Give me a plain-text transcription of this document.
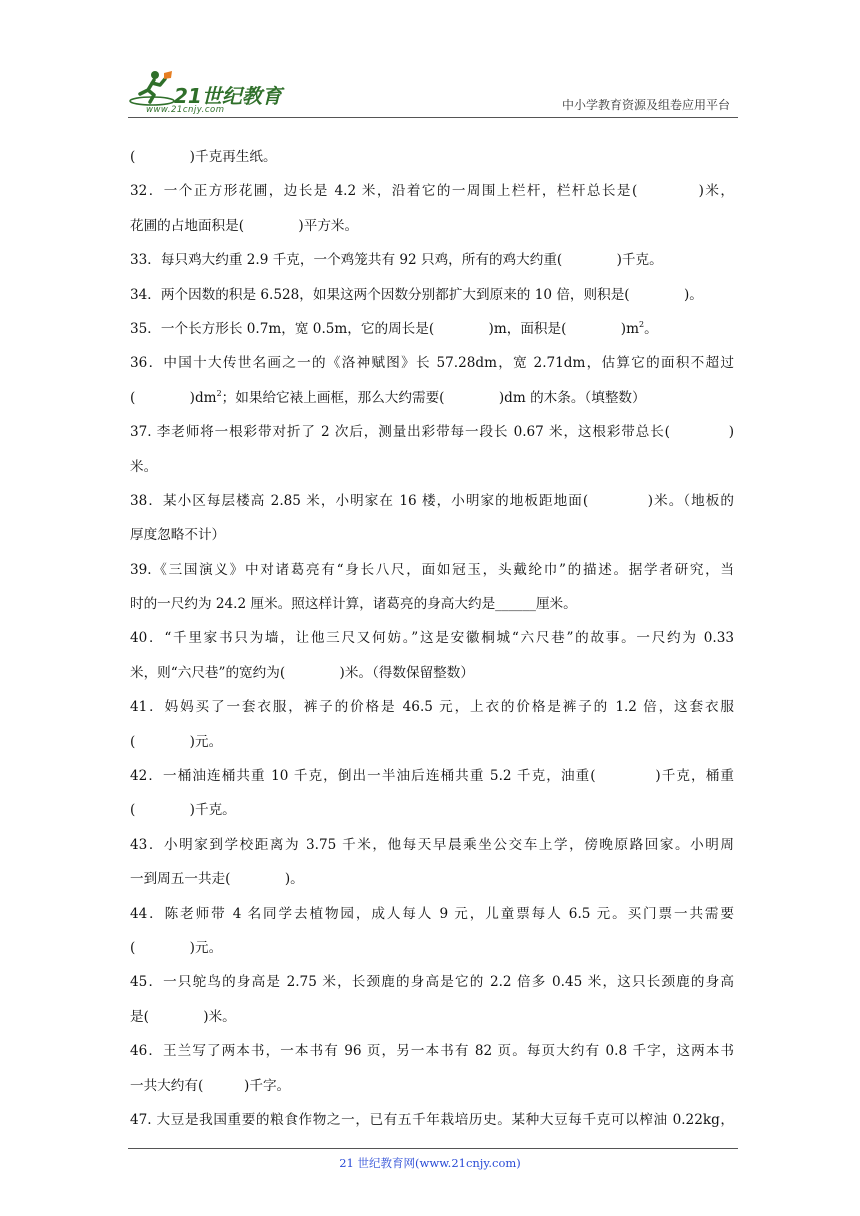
21世纪教育
www.21cnjy.com	中小学教育资源及组卷应用平台
(　　　　)千克再生纸。
32．一个正方形花圃，边长是 4.2 米，沿着它的一周围上栏杆，栏杆总长是(　　　　)米，
花圃的占地面积是(　　　　)平方米。
33．每只鸡大约重 2.9 千克，一个鸡笼共有 92 只鸡，所有的鸡大约重(　　　　)千克。
34．两个因数的积是 6.528，如果这两个因数分别都扩大到原来的 10 倍，则积是(　　　　)。
35．一个长方形长 0.7m，宽 0.5m，它的周长是(　　　　)m，面积是(　　　　)$m^2$。
36．中国十大传世名画之一的《洛神赋图》长 57.28dm，宽 2.71dm，估算它的面积不超过
(　　　　)$dm^2$；如果给它裱上画框，那么大约需要(　　　　)dm 的木条。（填整数）
37. 李老师将一根彩带对折了 2 次后，测量出彩带每一段长 0.67 米，这根彩带总长(　　　　)
米。
38．某小区每层楼高 2.85 米，小明家在 16 楼，小明家的地板距地面(　　　　)米。（地板的
厚度忽略不计）
39.《三国演义》中对诸葛亮有“身长八尺，面如冠玉，头戴纶巾”的描述。据学者研究，当
时的一尺约为 24.2 厘米。照这样计算，诸葛亮的身高大约是______厘米。
40．“千里家书只为墙，让他三尺又何妨。”这是安徽桐城“六尺巷”的故事。一尺约为 0.33
米，则“六尺巷”的宽约为(　　　　)米。（得数保留整数）
41．妈妈买了一套衣服，裤子的价格是 46.5 元，上衣的价格是裤子的 1.2 倍，这套衣服
(　　　　)元。
42．一桶油连桶共重 10 千克，倒出一半油后连桶共重 5.2 千克，油重(　　　　)千克，桶重
(　　　　)千克。
43．小明家到学校距离为 3.75 千米，他每天早晨乘坐公交车上学，傍晚原路回家。小明周
一到周五一共走(　　　　)。
44．陈老师带 4 名同学去植物园，成人每人 9 元，儿童票每人 6.5 元。买门票一共需要
(　　　　)元。
45．一只鸵鸟的身高是 2.75 米，长颈鹿的身高是它的 2.2 倍多 0.45 米，这只长颈鹿的身高
是(　　　　)米。
46．王兰写了两本书，一本书有 96 页，另一本书有 82 页。每页大约有 0.8 千字，这两本书
一共大约有(　　　)千字。
47. 大豆是我国重要的粮食作物之一，已有五千年栽培历史。某种大豆每千克可以榨油 0.22kg，
21 世纪教育网(www.21cnjy.com)
